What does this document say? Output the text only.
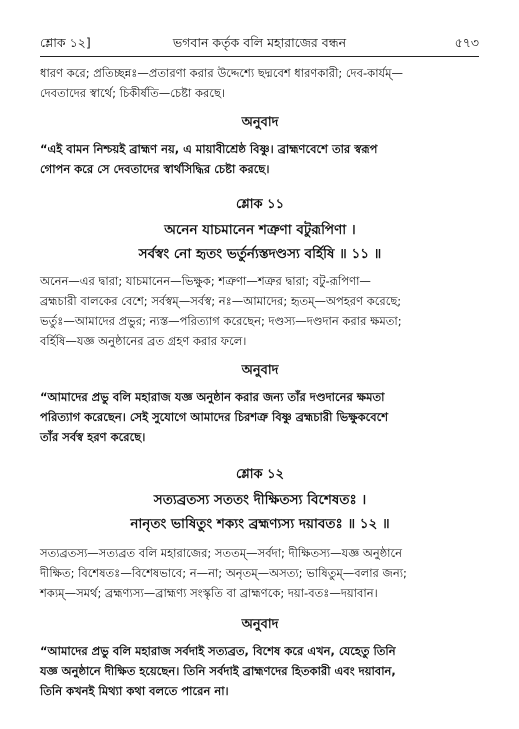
শ্লোক ১২]	ভগবান কর্তৃক বলি মহারাজের বন্ধন	৫৭৩

ধারণ করে; প্রতিচ্ছন্নঃ—প্রতারণা করার উদ্দেশ্যে ছদ্মবেশ ধারণকারী; দেব-কার্যম্—

দেবতাদের স্বার্থে; চিকীর্ষতি—চেষ্টা করছে।

অনুবাদ

“এই বামন নিশ্চয়ই ব্রাহ্মণ নয়, এ মায়াবীশ্রেষ্ঠ বিষ্ণু। ব্রাহ্মণবেশে তার স্বরূপ

গোপন করে সে দেবতাদের স্বার্থসিদ্ধির চেষ্টা করছে।

শ্লোক ১১

অনেন যাচমানেন শত্রুণা বটুরূপিণা ।

সর্বস্বং নো হৃতং ভর্তুর্ন্যস্তদণ্ডস্য বর্হিষি ॥ ১১ ॥

অনেন—এর দ্বারা; যাচমানেন—ভিক্ষুক; শত্রুণা—শত্রুর দ্বারা; বটু-রূপিণা—

ব্রহ্মচারী বালকের বেশে; সর্বস্বম্—সর্বস্ব; নঃ—আমাদের; হৃতম্—অপহরণ করেছে;

ভর্তুঃ—আমাদের প্রভুর; ন্যস্ত—পরিত্যাগ করেছেন; দণ্ডস্য—দণ্ডদান করার ক্ষমতা;

বর্হিষি—যজ্ঞ অনুষ্ঠানের ব্রত গ্রহণ করার ফলে।

অনুবাদ

“আমাদের প্রভু বলি মহারাজ যজ্ঞ অনুষ্ঠান করার জন্য তাঁর দণ্ডদানের ক্ষমতা

পরিত্যাগ করেছেন। সেই সুযোগে আমাদের চিরশত্রু বিষ্ণু ব্রহ্মচারী ভিক্ষুকবেশে

তাঁর সর্বস্ব হরণ করেছে।

শ্লোক ১২

সত্যব্রতস্য সততং দীক্ষিতস্য বিশেষতঃ ।

নানৃতং ভাষিতুং শক্যং ব্রহ্মণ্যস্য দয়াবতঃ ॥ ১২ ॥

সত্যব্রতস্য—সত্যব্রত বলি মহারাজের; সততম্—সর্বদা; দীক্ষিতস্য—যজ্ঞ অনুষ্ঠানে

দীক্ষিত; বিশেষতঃ—বিশেষভাবে; ন—না; অনৃতম্—অসত্য; ভাষিতুম্—বলার জন্য;

শক্যম্—সমর্থ; ব্রহ্মণ্যস্য—ব্রাহ্মণ্য সংস্কৃতি বা ব্রাহ্মণকে; দয়া-বতঃ—দয়াবান।

অনুবাদ

“আমাদের প্রভু বলি মহারাজ সর্বদাই সত্যব্রত, বিশেষ করে এখন, যেহেতু তিনি

যজ্ঞ অনুষ্ঠানে দীক্ষিত হয়েছেন। তিনি সর্বদাই ব্রাহ্মণদের হিতকারী এবং দয়াবান,

তিনি কখনই মিথ্যা কথা বলতে পারেন না।
